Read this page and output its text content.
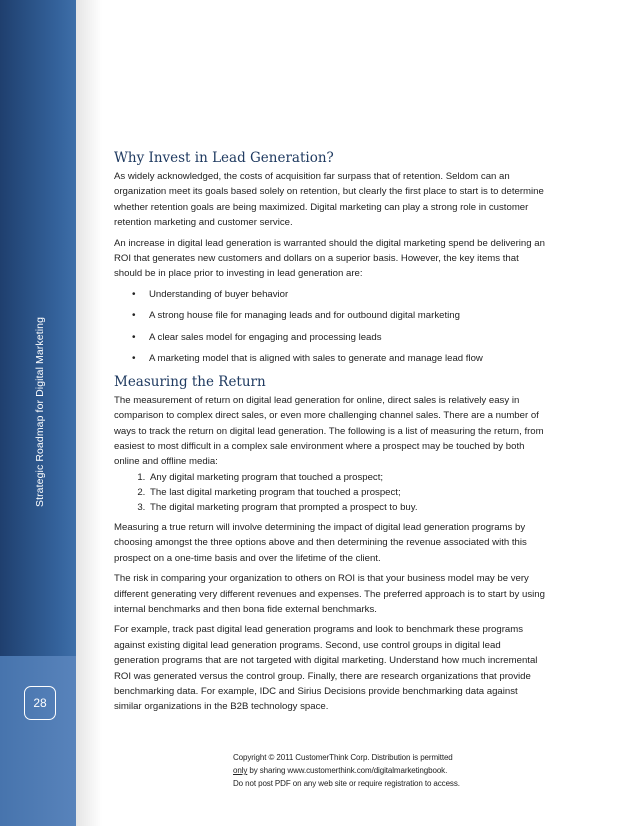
Strategic Roadmap for Digital Marketing
28
Why Invest in Lead Generation?

As widely acknowledged, the costs of acquisition far surpass that of retention. Seldom can an organization meet its goals based solely on retention, but clearly the first place to start is to determine whether retention goals are being maximized. Digital marketing can play a strong role in customer retention marketing and customer service.

An increase in digital lead generation is warranted should the digital marketing spend be delivering an ROI that generates new customers and dollars on a superior basis. However, the key items that should be in place prior to investing in lead generation are:

• Understanding of buyer behavior
• A strong house file for managing leads and for outbound digital marketing
• A clear sales model for engaging and processing leads
• A marketing model that is aligned with sales to generate and manage lead flow
Measuring the Return

The measurement of return on digital lead generation for online, direct sales is relatively easy in comparison to complex direct sales, or even more challenging channel sales. There are a number of ways to track the return on digital lead generation. The following is a list of measuring the return, from easiest to most difficult in a complex sale environment where a prospect may be touched by both online and offline media:

1. Any digital marketing program that touched a prospect;
2. The last digital marketing program that touched a prospect;
3. The digital marketing program that prompted a prospect to buy.

Measuring a true return will involve determining the impact of digital lead generation programs by choosing amongst the three options above and then determining the revenue associated with this prospect on a one-time basis and over the lifetime of the client.

The risk in comparing your organization to others on ROI is that your business model may be very different generating very different revenues and expenses. The preferred approach is to start by using internal benchmarks and then bona fide external benchmarks.

For example, track past digital lead generation programs and look to benchmark these programs against existing digital lead generation programs. Second, use control groups in digital lead generation programs that are not targeted with digital marketing. Understand how much incremental ROI was generated versus the control group. Finally, there are research organizations that provide benchmarking data. For example, IDC and Sirius Decisions provide benchmarking data against similar organizations in the B2B technology space.

Copyright © 2011 CustomerThink Corp. Distribution is permitted
only by sharing www.customerthink.com/digitalmarketingbook.
Do not post PDF on any web site or require registration to access.
